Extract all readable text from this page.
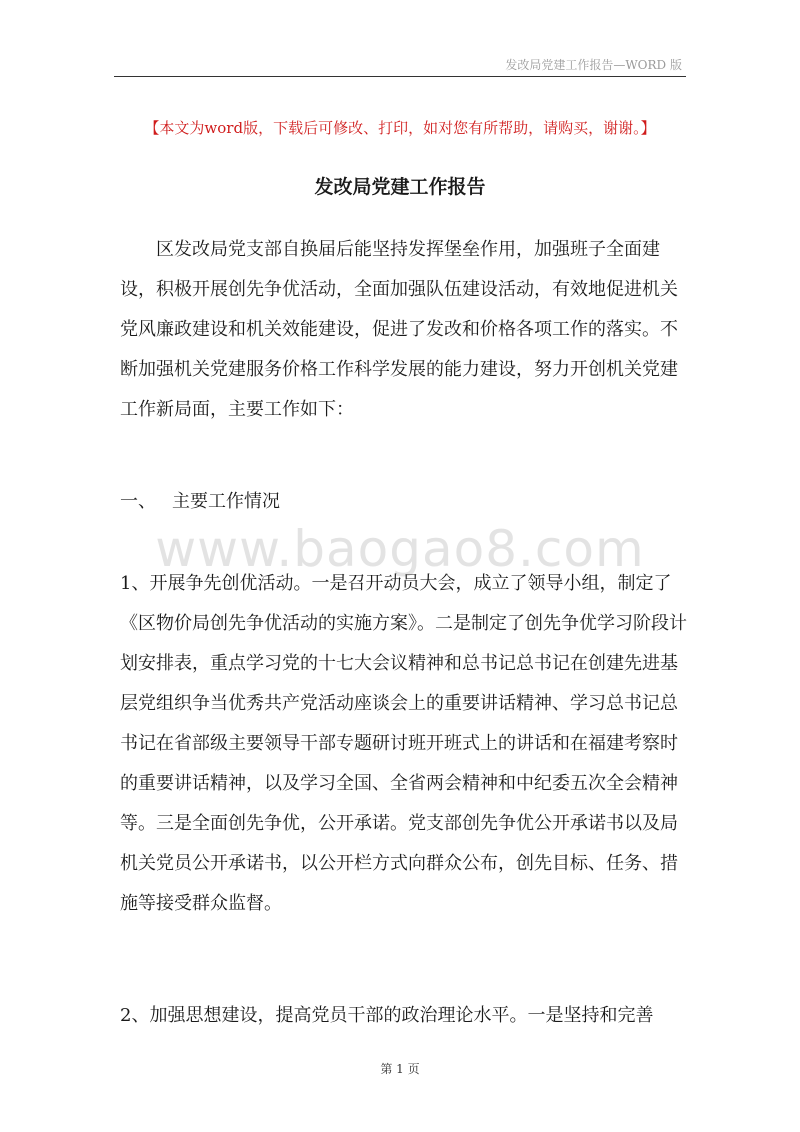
发改局党建工作报告—WORD 版
【本文为word版，下载后可修改、打印，如对您有所帮助，请购买，谢谢。】
发改局党建工作报告

区发改局党支部自换届后能坚持发挥堡垒作用，加强班子全面建设，积极开展创先争优活动，全面加强队伍建设活动，有效地促进机关党风廉政建设和机关效能建设，促进了发改和价格各项工作的落实。不断加强机关党建服务价格工作科学发展的能力建设，努力开创机关党建工作新局面，主要工作如下：

一、 主要工作情况
www.baogao8.com

1、开展争先创优活动。一是召开动员大会，成立了领导小组，制定了《区物价局创先争优活动的实施方案》。二是制定了创先争优学习阶段计划安排表，重点学习党的十七大会议精神和总书记总书记在创建先进基层党组织争当优秀共产党活动座谈会上的重要讲话精神、学习总书记总书记在省部级主要领导干部专题研讨班开班式上的讲话和在福建考察时的重要讲话精神，以及学习全国、全省两会精神和中纪委五次全会精神等。三是全面创先争优，公开承诺。党支部创先争优公开承诺书以及局机关党员公开承诺书，以公开栏方式向群众公布，创先目标、任务、措施等接受群众监督。

2、加强思想建设，提高党员干部的政治理论水平。一是坚持和完善

第 1 页
